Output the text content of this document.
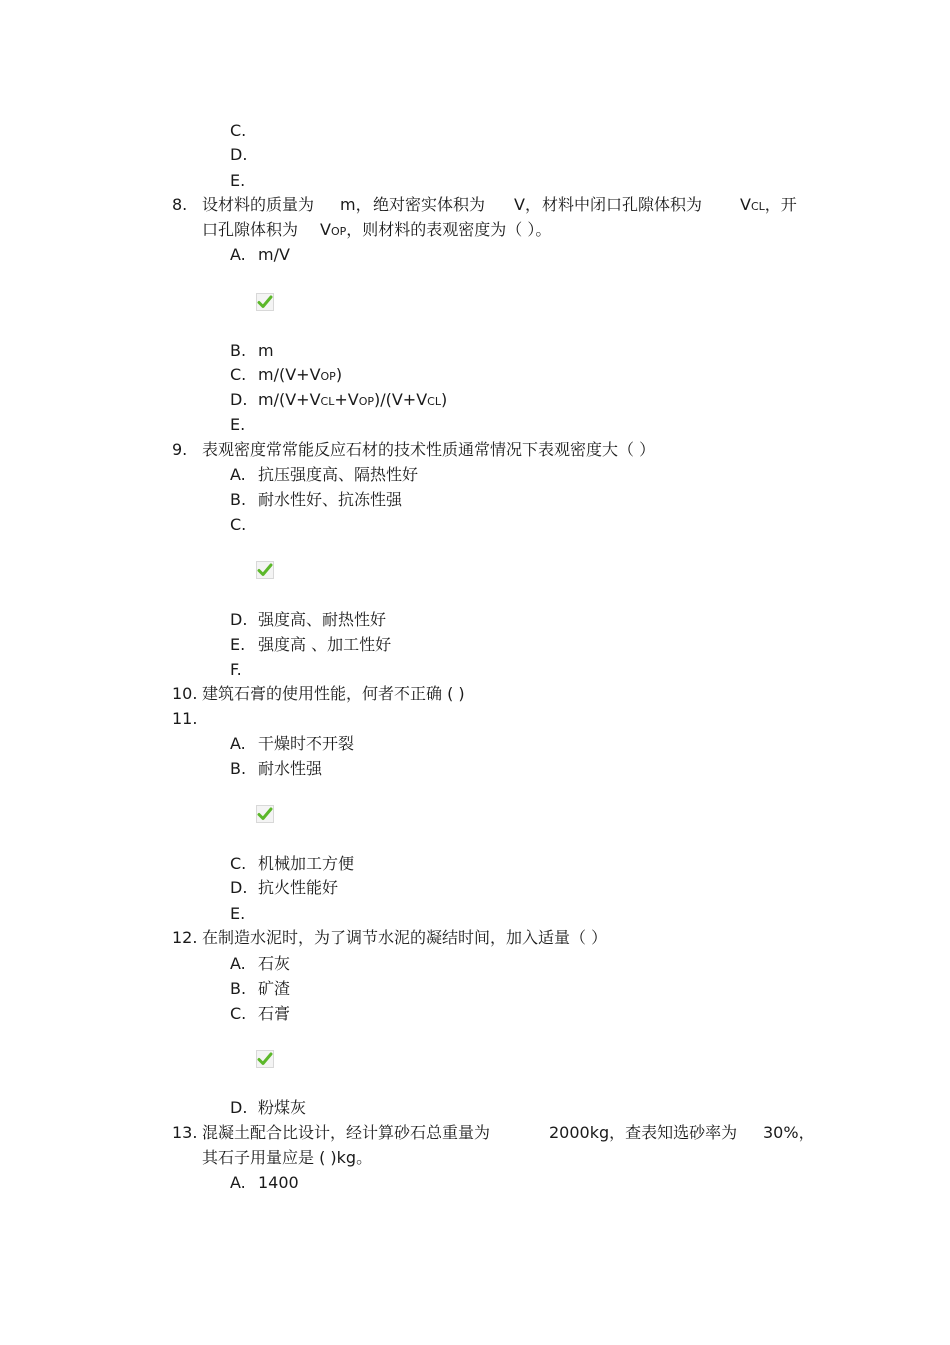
C.
D.
E.
8. 设材料的质量为 m， 绝对密实体积为 V， 材料中闭口孔隙体积为 VCL，开
口孔隙体积为 VOP，则材料的表观密度为（ ）。
A. m/V
B. m
C. m/(V+VOP)
D. m/(V+VCL+VOP)/(V+VCL)
E.
9. 表观密度常常能反应石材的技术性质通常情况下表观密度大（ ）
A. 抗压强度高、隔热性好
B. 耐水性好、抗冻性强
C.
D. 强度高、耐热性好
E. 强度高 、加工性好
F.
10. 建筑石膏的使用性能，何者不正确 ( )
11.
A. 干燥时不开裂
B. 耐水性强
C. 机械加工方便
D. 抗火性能好
E.
12. 在制造水泥时，为了调节水泥的凝结时间，加入适量（ ）
A. 石灰
B. 矿渣
C. 石膏
D. 粉煤灰
13. 混凝土配合比设计，经计算砂石总重量为	2000kg，查表知选砂率为 30%，
其石子用量应是 ( )kg。
A. 1400
